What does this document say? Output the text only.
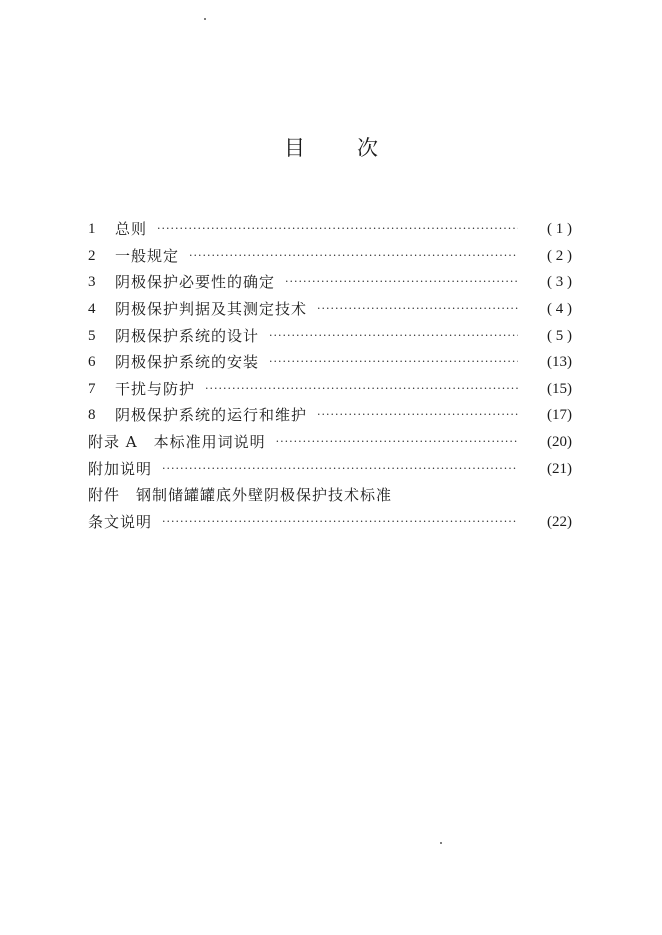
目 次
1	总则 ·····	( 1 )
2	一般规定 ·····	( 2 )
3	阴极保护必要性的确定 ·····	( 3 )
4	阴极保护判据及其测定技术 ·····	( 4 )
5	阴极保护系统的设计 ·····	( 5 )
6	阴极保护系统的安装 ·····	(13)
7	干扰与防护 ·····	(15)
8	阴极保护系统的运行和维护 ·····	(17)
附录 A　本标准用词说明 ·····	(20)
附加说明 ·····	(21)
附件　钢制储罐罐底外壁阴极保护技术标准
条文说明 ·····	(22)
